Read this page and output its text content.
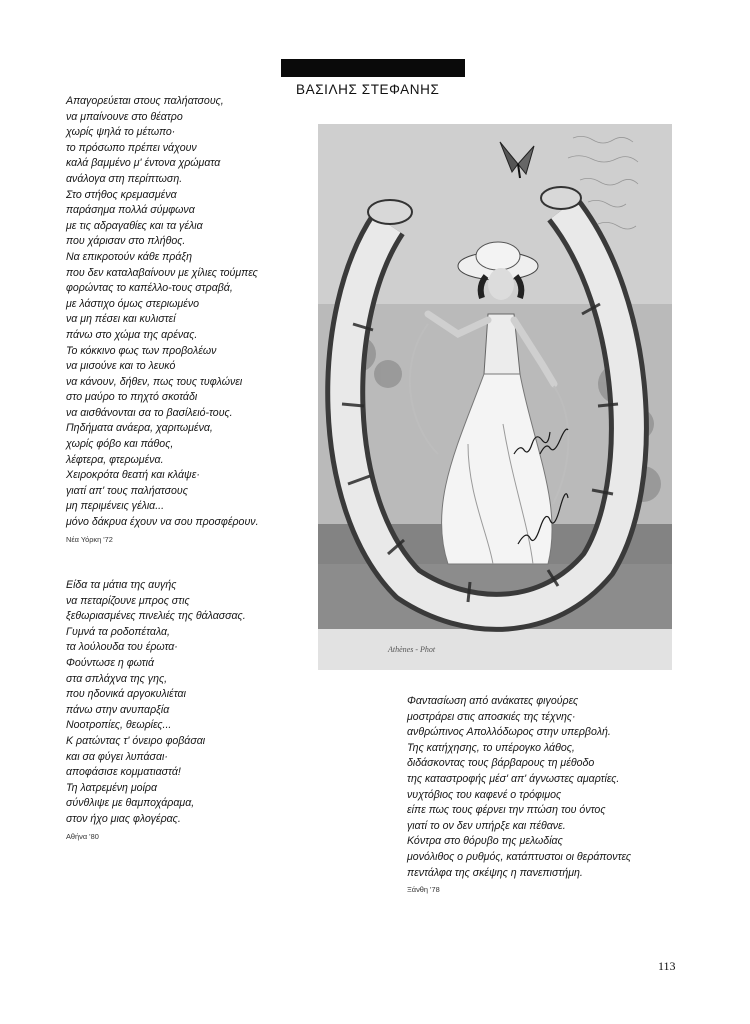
ΒΑΣΙΛΗΣ ΣΤΕΦΑΝΗΣ
Απαγορεύεται στους παλήατσους,
να μπαίνουνε στο θέατρο
χωρίς ψηλά το μέτωπο·
το πρόσωπο πρέπει νάχουν
καλά βαμμένο μ' έντονα χρώματα
ανάλογα στη περίπτωση.
Στο στήθος κρεμασμένα
παράσημα πολλά σύμφωνα
με τις αδραγαθίες και τα γέλια
που χάρισαν στο πλήθος.
Να επικροτούν κάθε πράξη
που δεν καταλαβαίνουν με χίλιες τούμπες
φορώντας το καπέλλο-τους στραβά,
με λάστιχο όμως στεριωμένο
να μη πέσει και κυλιστεί
πάνω στο χώμα της αρένας.
Το κόκκινο φως των προβολέων
να μισούνε και το λευκό
να κάνουν, δήθεν, πως τους τυφλώνει
στο μαύρο το πηχτό σκοτάδι
να αισθάνονται σα το βασίλειό-τους.
Πηδήματα ανάερα, χαριτωμένα,
χωρίς φόβο και πάθος,
λέφτερα, φτερωμένα.
Χειροκρότα θεατή και κλάψε·
γιατί απ' τους παλήατσους
μη περιμένεις γέλια...
μόνο δάκρυα έχουν να σου προσφέρουν.
Νέα Υόρκη '72
Είδα τα μάτια της αυγής
να πεταρίζουνε μπρος στις
ξεθωριασμένες πινελιές της θάλασσας.
Γυμνά τα ροδοπέταλα,
τα λούλουδα του έρωτα·
Φούντωσε η φωτιά
στα σπλάχνα της γης,
που ηδονικά αργοκυλιέται
πάνω στην ανυπαρξία
Νοοτροπίες, θεωρίες...
Κ ρατώντας τ' όνειρο φοβάσαι
και σα φύγει λυπάσαι·
αποφάσισε κομματιαστά!
Τη λατρεμένη μοίρα
σύνθλιψε με θαμποχάραμα,
στον ήχο μιας φλογέρας.
Αθήνα '80
Φαντασίωση από ανάκατες φιγούρες
μοστράρει στις αποσκιές της τέχνης·
ανθρώπινος Απολλόδωρος στην υπερβολή.
Της κατήχησης, το υπέρογκο λάθος,
διδάσκοντας τους βάρβαρους τη μέθοδο
της καταστροφής μέσ' απ' άγνωστες αμαρτίες.
νυχτόβιος του καφενέ ο τρόφιμος
είπε πως τους φέρνει την πτώση του όντος
γιατί το ον δεν υπήρξε και πέθανε.
Κόντρα στο θόρυβο της μελωδίας
μονόλιθος ο ρυθμός, κατάπτυστοι οι θεράποντες
πεντάλφα της σκέψης η πανεπιστήμη.
Ξάνθη '78
Athènes - Phot
113
